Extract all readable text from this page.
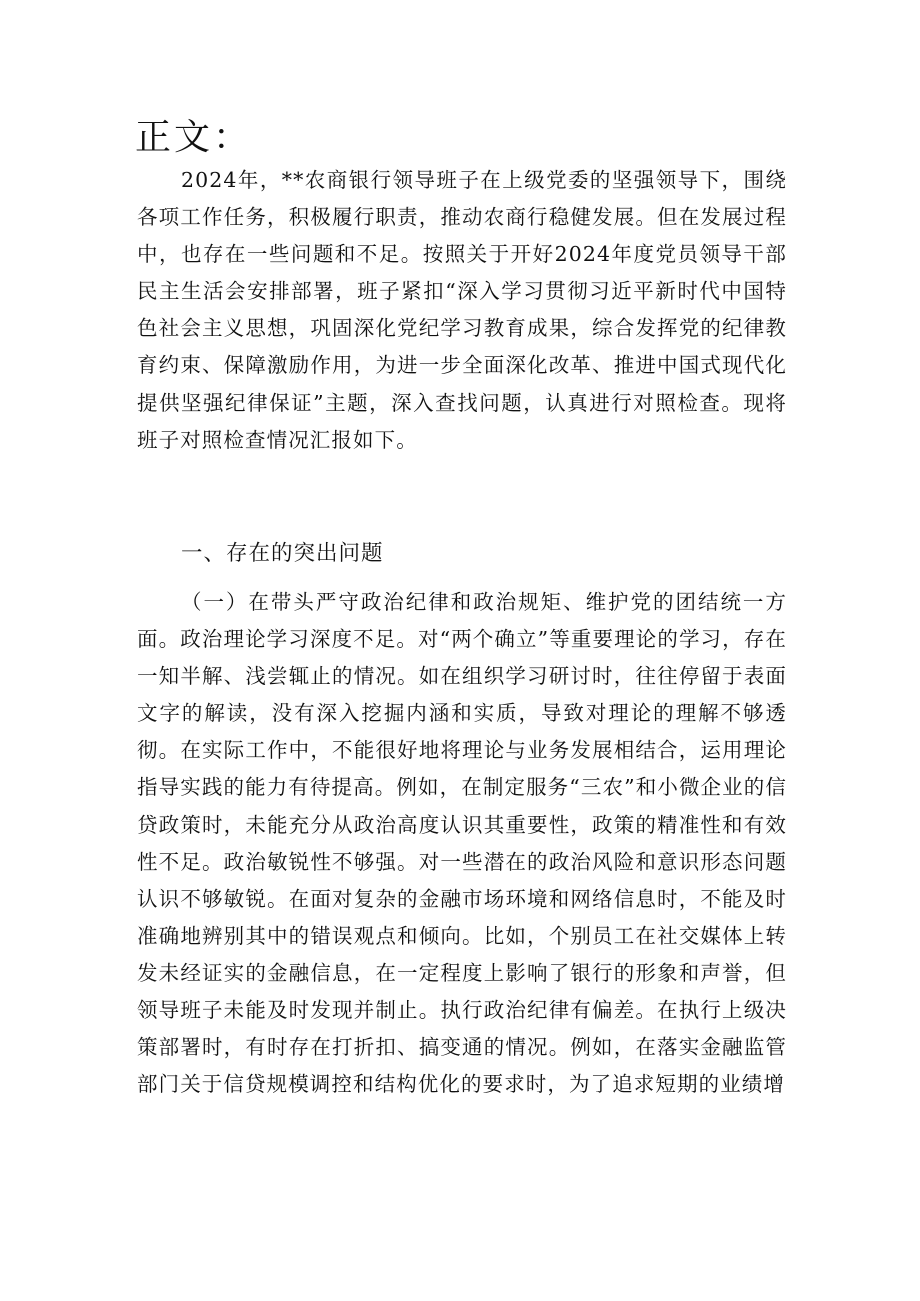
正文：

2024年，**农商银行领导班子在上级党委的坚强领导下，围绕各项工作任务，积极履行职责，推动农商行稳健发展。但在发展过程中，也存在一些问题和不足。按照关于开好2024年度党员领导干部民主生活会安排部署，班子紧扣“深入学习贯彻习近平新时代中国特色社会主义思想，巩固深化党纪学习教育成果，综合发挥党的纪律教育约束、保障激励作用，为进一步全面深化改革、推进中国式现代化提供坚强纪律保证”主题，深入查找问题，认真进行对照检查。现将班子对照检查情况汇报如下。

一、存在的突出问题

（一）在带头严守政治纪律和政治规矩、维护党的团结统一方面。政治理论学习深度不足。对“两个确立”等重要理论的学习，存在一知半解、浅尝辄止的情况。如在组织学习研讨时，往往停留于表面文字的解读，没有深入挖掘内涵和实质，导致对理论的理解不够透彻。在实际工作中，不能很好地将理论与业务发展相结合，运用理论指导实践的能力有待提高。例如，在制定服务“三农”和小微企业的信贷政策时，未能充分从政治高度认识其重要性，政策的精准性和有效性不足。政治敏锐性不够强。对一些潜在的政治风险和意识形态问题认识不够敏锐。在面对复杂的金融市场环境和网络信息时，不能及时准确地辨别其中的错误观点和倾向。比如，个别员工在社交媒体上转发未经证实的金融信息，在一定程度上影响了银行的形象和声誉，但领导班子未能及时发现并制止。执行政治纪律有偏差。在执行上级决策部署时，有时存在打折扣、搞变通的情况。例如，在落实金融监管部门关于信贷规模调控和结构优化的要求时，为了追求短期的业绩增
